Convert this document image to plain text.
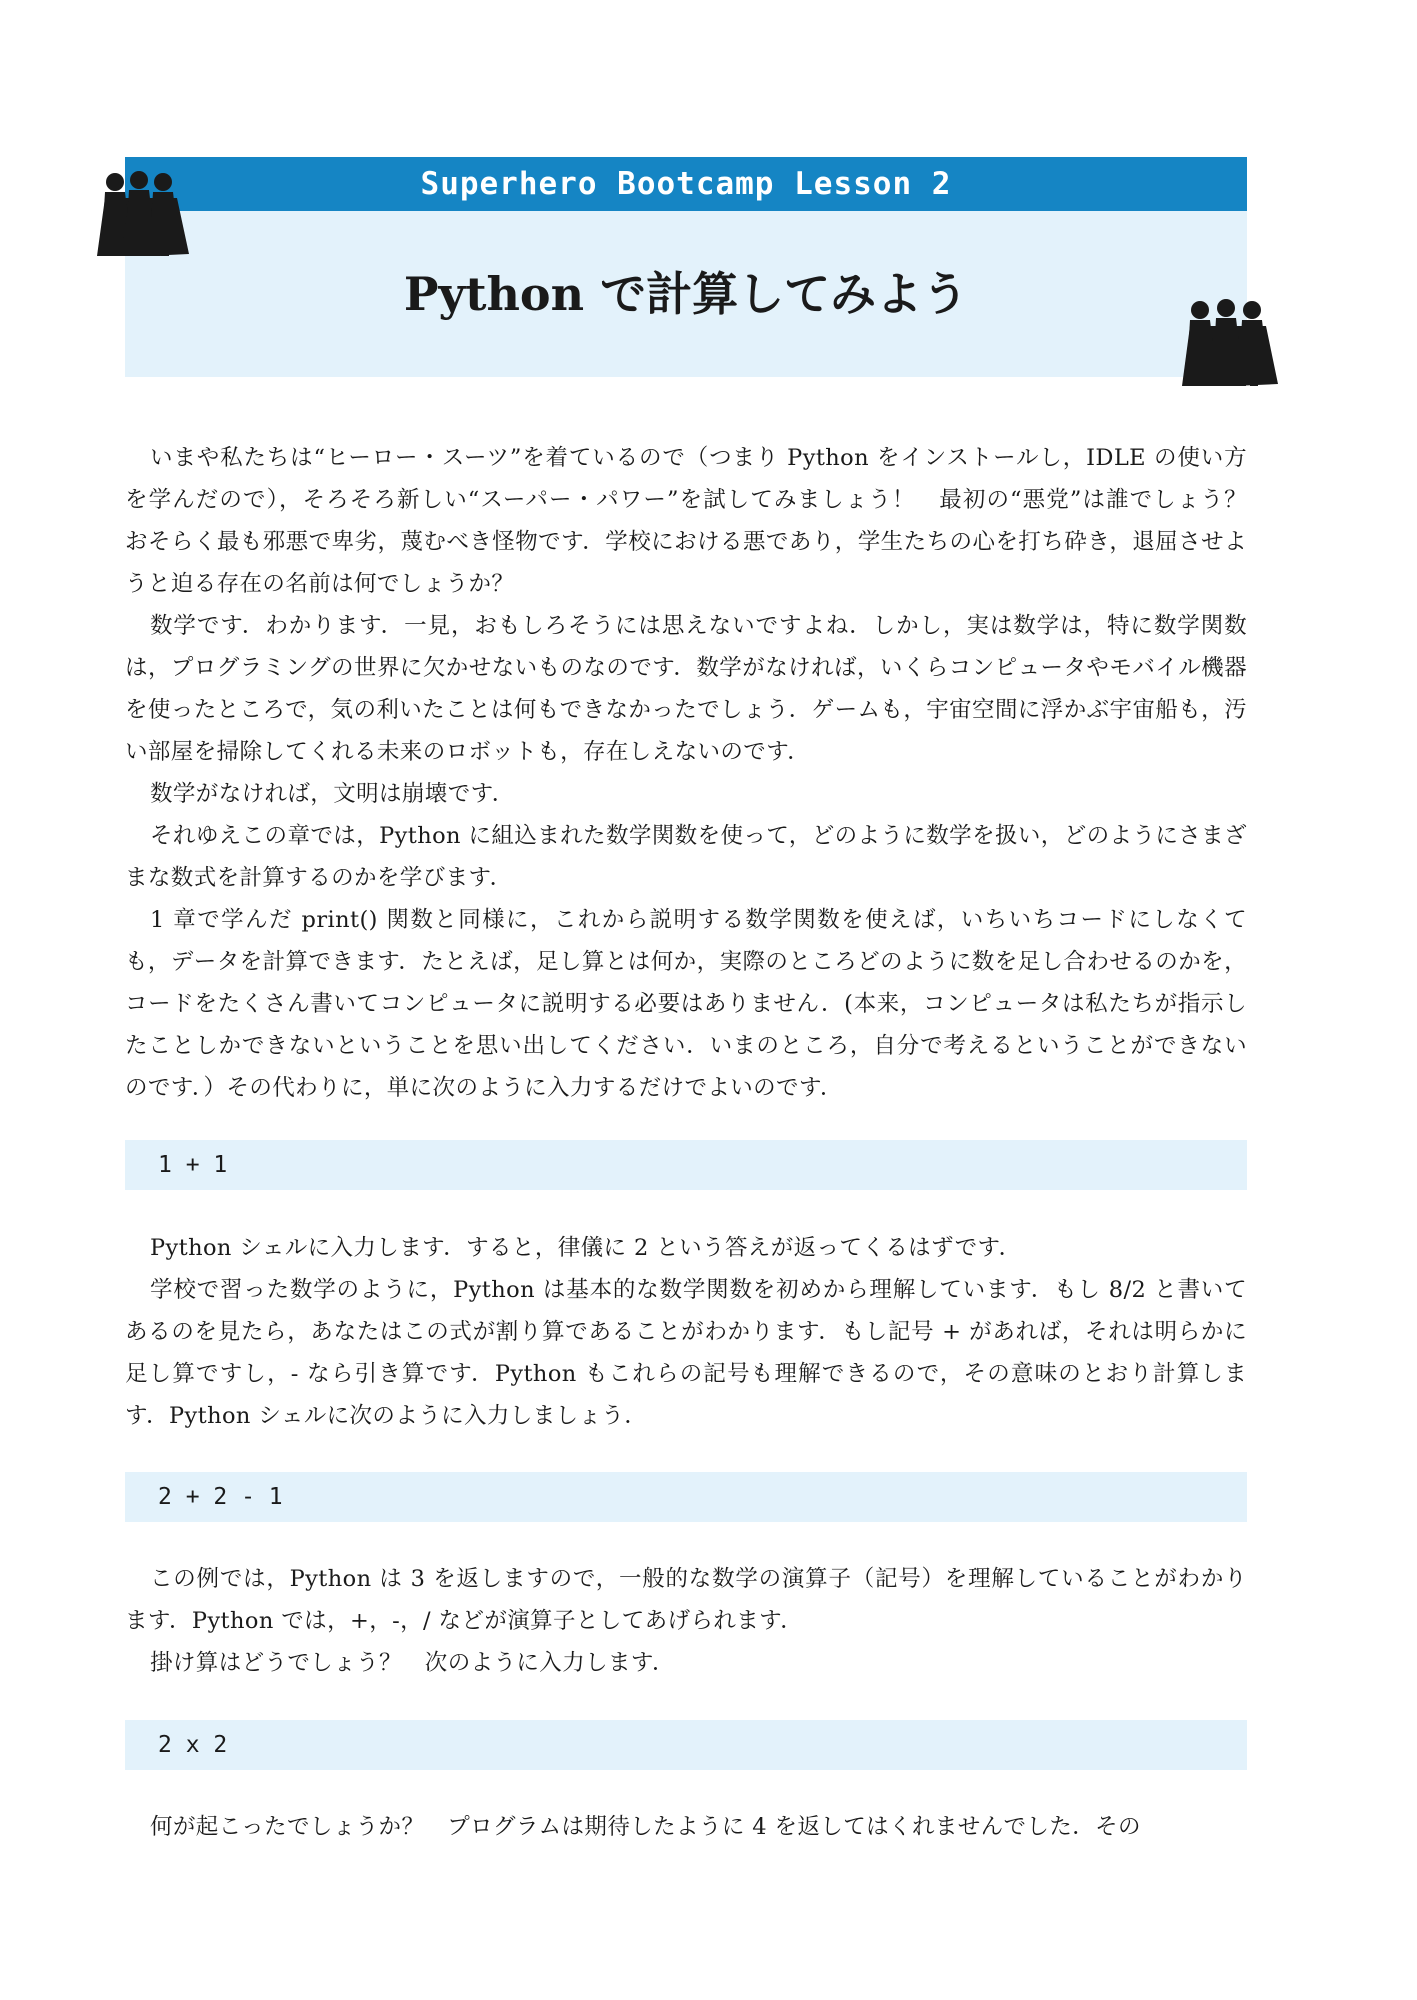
Superhero Bootcamp Lesson 2
Python で計算してみよう

いまや私たちは“ヒーロー・スーツ”を着ているので（つまり Python をインストールし，IDLE の使い方を学んだので），そろそろ新しい“スーパー・パワー”を試してみましょう！　最初の“悪党”は誰でしょう？　おそらく最も邪悪で卑劣，蔑むべき怪物です．学校における悪であり，学生たちの心を打ち砕き，退屈させようと迫る存在の名前は何でしょうか？

数学です．わかります．一見，おもしろそうには思えないですよね．しかし，実は数学は，特に数学関数は，プログラミングの世界に欠かせないものなのです．数学がなければ，いくらコンピュータやモバイル機器を使ったところで，気の利いたことは何もできなかったでしょう．ゲームも，宇宙空間に浮かぶ宇宙船も，汚い部屋を掃除してくれる未来のロボットも，存在しえないのです．

数学がなければ，文明は崩壊です．

それゆえこの章では，Python に組込まれた数学関数を使って，どのように数学を扱い，どのようにさまざまな数式を計算するのかを学びます．

1 章で学んだ print() 関数と同様に，これから説明する数学関数を使えば，いちいちコードにしなくても，データを計算できます．たとえば，足し算とは何か，実際のところどのように数を足し合わせるのかを，コードをたくさん書いてコンピュータに説明する必要はありません．(本来，コンピュータは私たちが指示したことしかできないということを思い出してください．いまのところ，自分で考えるということができないのです．）その代わりに，単に次のように入力するだけでよいのです．

1 + 1

Python シェルに入力します．すると，律儀に 2 という答えが返ってくるはずです．

学校で習った数学のように，Python は基本的な数学関数を初めから理解しています．もし 8/2 と書いてあるのを見たら，あなたはこの式が割り算であることがわかります．もし記号 + があれば，それは明らかに足し算ですし，- なら引き算です．Python もこれらの記号も理解できるので，その意味のとおり計算します．Python シェルに次のように入力しましょう．

2 + 2 - 1

この例では，Python は 3 を返しますので，一般的な数学の演算子（記号）を理解していることがわかります．Python では，+，-，/ などが演算子としてあげられます．

掛け算はどうでしょう？　次のように入力します．

2 x 2

何が起こったでしょうか？　プログラムは期待したように 4 を返してはくれませんでした．その
